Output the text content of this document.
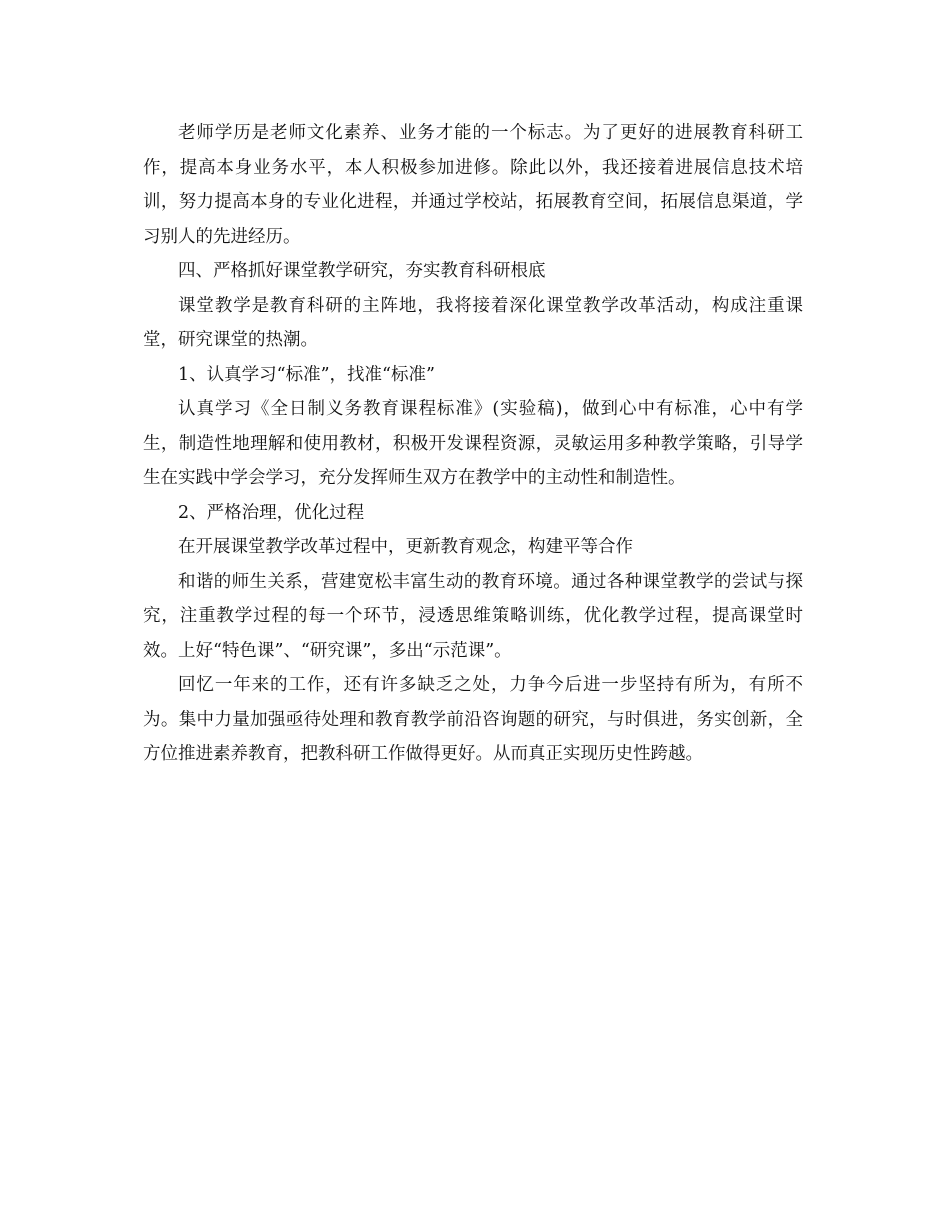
老师学历是老师文化素养、业务才能的一个标志。为了更好的进展教育科研工作，提高本身业务水平，本人积极参加进修。除此以外，我还接着进展信息技术培训，努力提高本身的专业化进程，并通过学校站，拓展教育空间，拓展信息渠道，学习别人的先进经历。

四、严格抓好课堂教学研究，夯实教育科研根底

课堂教学是教育科研的主阵地，我将接着深化课堂教学改革活动，构成注重课堂，研究课堂的热潮。

1、认真学习“标准”，找准“标准”

认真学习《全日制义务教育课程标准》(实验稿)，做到心中有标准，心中有学生，制造性地理解和使用教材，积极开发课程资源，灵敏运用多种教学策略，引导学生在实践中学会学习，充分发挥师生双方在教学中的主动性和制造性。

2、严格治理，优化过程

在开展课堂教学改革过程中，更新教育观念，构建平等合作

和谐的师生关系，营建宽松丰富生动的教育环境。通过各种课堂教学的尝试与探究，注重教学过程的每一个环节，浸透思维策略训练，优化教学过程，提高课堂时效。上好“特色课”、“研究课”，多出“示范课”。

回忆一年来的工作，还有许多缺乏之处，力争今后进一步坚持有所为，有所不为。集中力量加强亟待处理和教育教学前沿咨询题的研究，与时俱进，务实创新，全方位推进素养教育，把教科研工作做得更好。从而真正实现历史性跨越。
